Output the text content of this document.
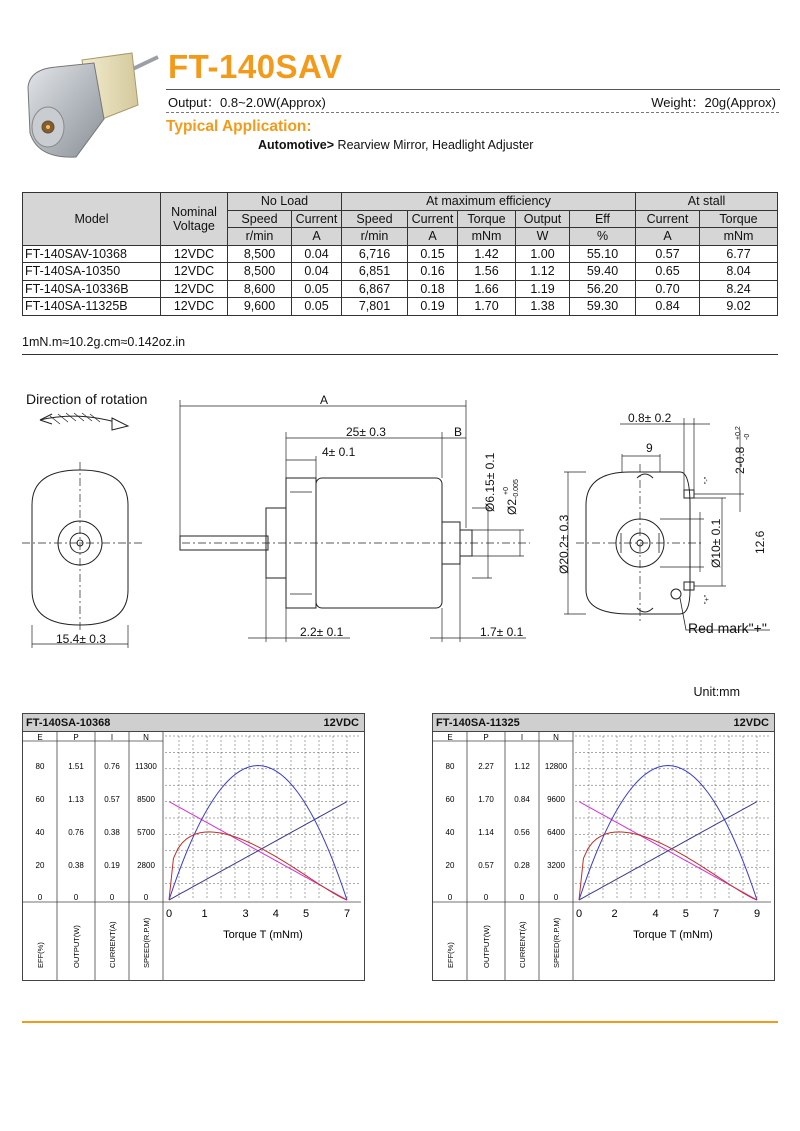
FT-140SAV
Output：0.8~2.0W(Approx)	Weight：20g(Approx)
Typical Application:
Automotive> Rearview Mirror, Headlight Adjuster
Model	Nominal Voltage	No Load		At maximum efficiency					At stall	
		Speed	Current	Speed	Current	Torque	Output	Eff	Current	Torque
		r/min	A	r/min	A	mNm	W	%	A	mNm
FT-140SAV-10368	12VDC	8,500	0.04	6,716	0.15	1.42	1.00	55.10	0.57	6.77
FT-140SA-10350	12VDC	8,500	0.04	6,851	0.16	1.56	1.12	59.40	0.65	8.04
FT-140SA-10336B	12VDC	8,600	0.05	6,867	0.18	1.66	1.19	56.20	0.70	8.24
FT-140SA-11325B	12VDC	9,600	0.05	7,801	0.19	1.70	1.38	59.30	0.84	9.02
1mN.m≈10.2g.cm≈0.142oz.in
Direction of rotation
15.4± 0.3
A
25± 0.3	B
4± 0.1
2.2± 0.1	1.7± 0.1
Ø6.15± 0.1 Ø2
+0 -0.005
0.8± 0.2
9	2-0.8
+0.2 -0
Ø20.2± 0.3	Ø10± 0.1	12.6
"-"
"+"
Red mark"+"
Unit:mm
FT-140SA-10368	12VDC
E	P	I	N
80
60
40
20
0
1.51
1.13
0.76
0.38
0
0.76
0.57
0.38
0.19
0
11300
8500
5700
2800
0
EFF(%)	OUTPUT(W)	CURRENT(A)	SPEED(R.P.M)
0	1	3 4 5	7
Torque T (mNm)
FT-140SA-11325	12VDC
E	P	I	N
80
60
40
20
0
2.27
1.70
1.14
0.57
0
1.12
0.84
0.56
0.28
0
12800
9600
6400
3200
0
EFF(%)	OUTPUT(W)	CURRENT(A)	SPEED(R.P.M)
0	2	4 5 7	9
Torque T (mNm)
